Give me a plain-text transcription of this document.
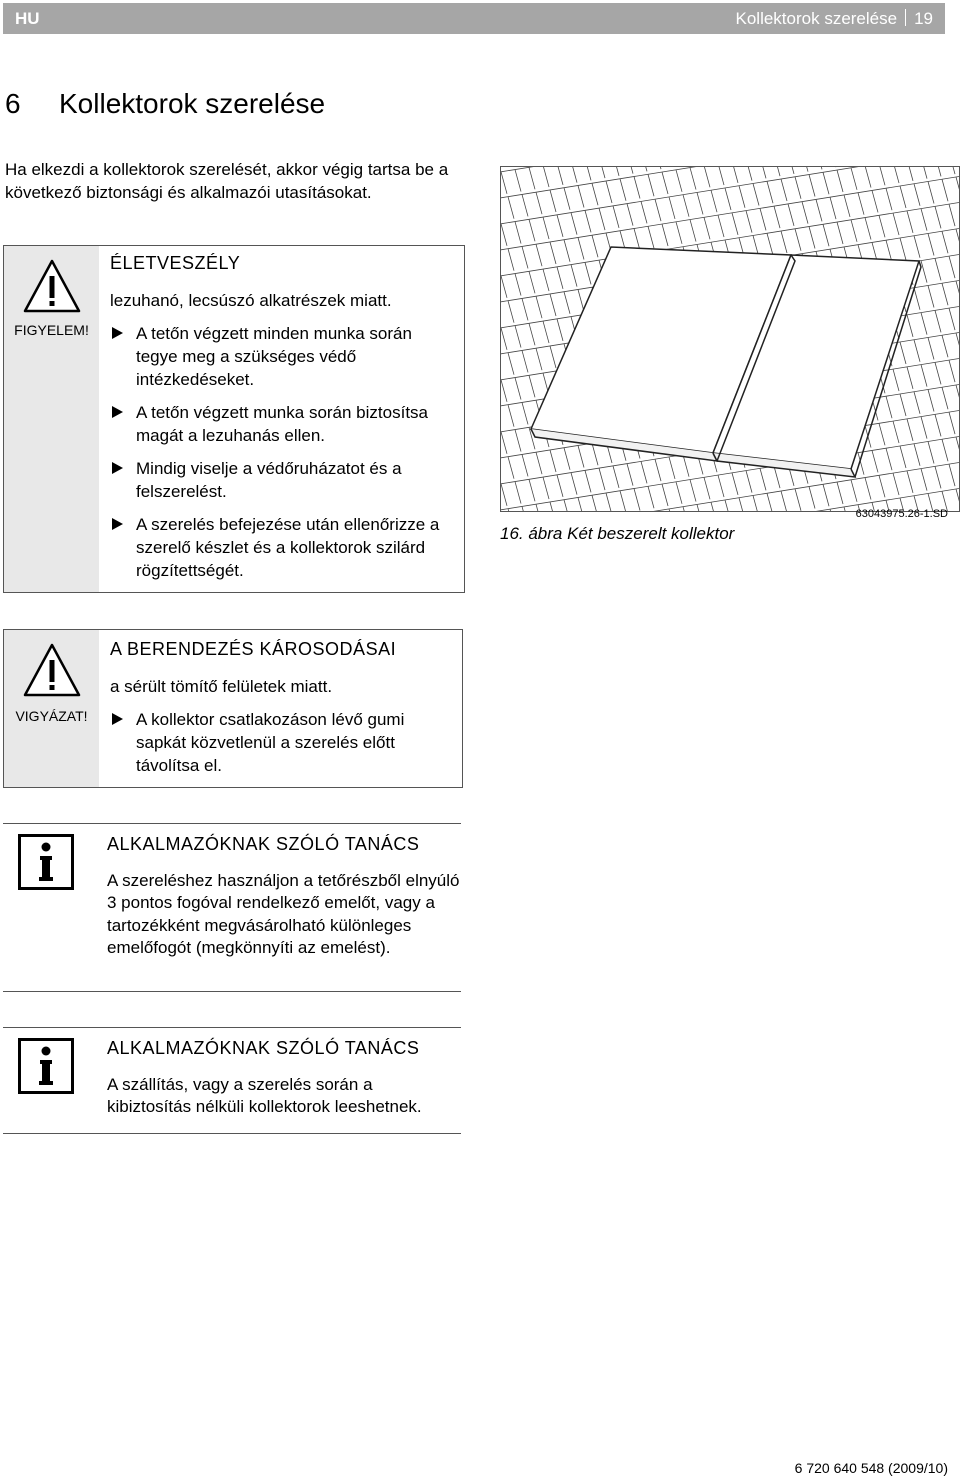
HU	Kollektorok szerelése 19
6 Kollektorok szerelése
Ha elkezdi a kollektorok szerelését, akkor végig tartsa be a következő biztonsági és alkalmazói utasításokat.
FIGYELEM!
ÉLETVESZÉLY
lezuhanó, lecsúszó alkatrészek miatt.
A tetőn végzett minden munka során tegye meg a szükséges védő intézkedéseket.
A tetőn végzett munka során biztosítsa magát a lezuhanás ellen.
Mindig viselje a védőruházatot és a felszerelést.
A szerelés befejezése után ellenőrizze a szerelő készlet és a kollektorok szilárd rögzítettségét.
63043975.26-1.SD
16. ábra Két beszerelt kollektor
VIGYÁZAT!
A BERENDEZÉS KÁROSODÁSAI
a sérült tömítő felületek miatt.
A kollektor csatlakozáson lévő gumi sapkát közvetlenül a szerelés előtt távolítsa el.
ALKALMAZÓKNAK SZÓLÓ TANÁCS
A szereléshez használjon a tetőrészből elnyúló 3 pontos fogóval rendelkező emelőt, vagy a tartozékként megvásárolható különleges emelőfogót (megkönnyíti az emelést).
ALKALMAZÓKNAK SZÓLÓ TANÁCS
A szállítás, vagy a szerelés során a kibiztosítás nélküli kollektorok leeshetnek.
6 720 640 548 (2009/10)
